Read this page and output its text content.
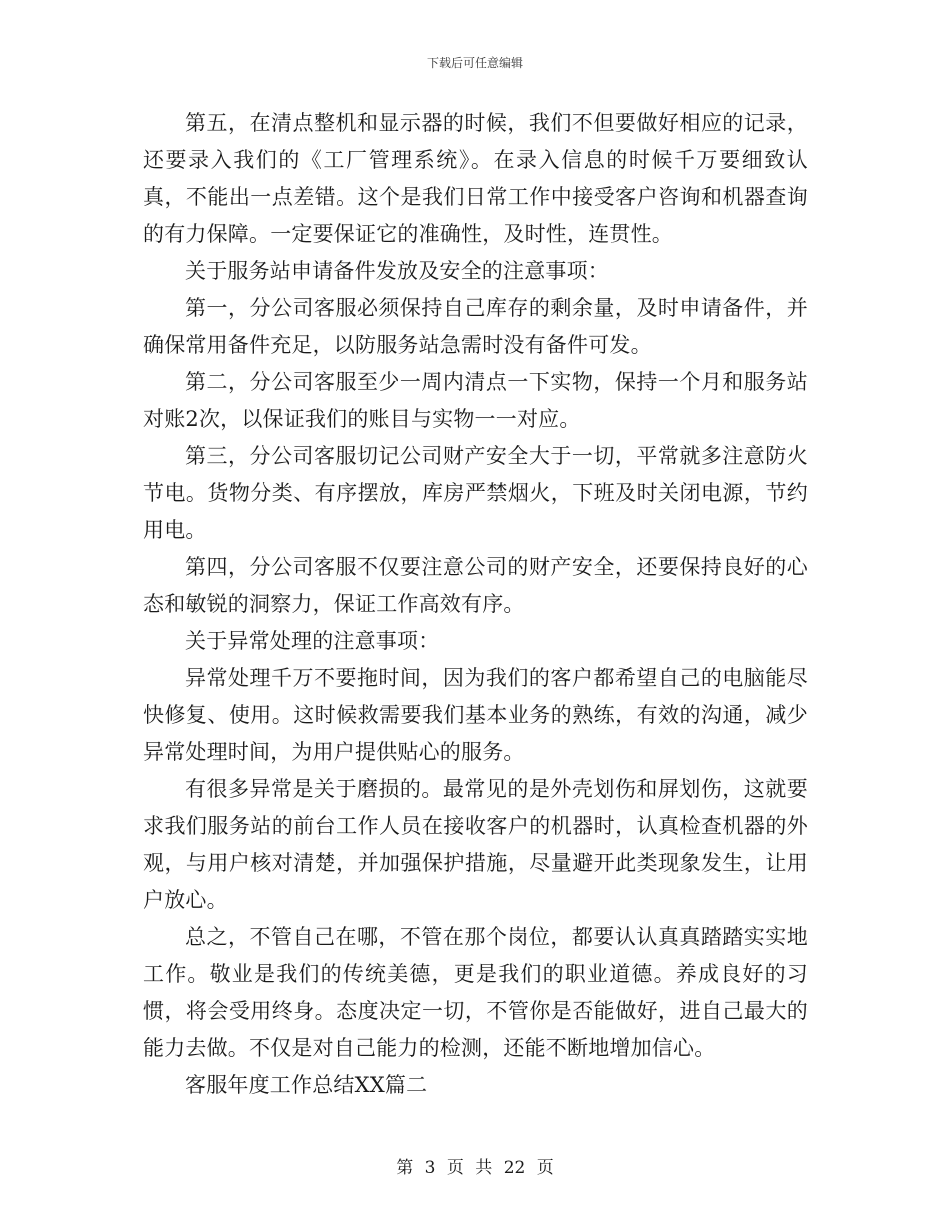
下载后可任意编辑

第五，在清点整机和显示器的时候，我们不但要做好相应的记录，还要录入我们的《工厂管理系统》。在录入信息的时候千万要细致认真，不能出一点差错。这个是我们日常工作中接受客户咨询和机器查询的有力保障。一定要保证它的准确性，及时性，连贯性。

关于服务站申请备件发放及安全的注意事项：

第一，分公司客服必须保持自己库存的剩余量，及时申请备件，并确保常用备件充足，以防服务站急需时没有备件可发。

第二，分公司客服至少一周内清点一下实物，保持一个月和服务站对账2次，以保证我们的账目与实物一一对应。

第三，分公司客服切记公司财产安全大于一切，平常就多注意防火节电。货物分类、有序摆放，库房严禁烟火，下班及时关闭电源，节约用电。

第四，分公司客服不仅要注意公司的财产安全，还要保持良好的心态和敏锐的洞察力，保证工作高效有序。

关于异常处理的注意事项：

异常处理千万不要拖时间，因为我们的客户都希望自己的电脑能尽快修复、使用。这时候救需要我们基本业务的熟练，有效的沟通，减少异常处理时间，为用户提供贴心的服务。

有很多异常是关于磨损的。最常见的是外壳划伤和屏划伤，这就要求我们服务站的前台工作人员在接收客户的机器时，认真检查机器的外观，与用户核对清楚，并加强保护措施，尽量避开此类现象发生，让用户放心。

总之，不管自己在哪，不管在那个岗位，都要认认真真踏踏实实地工作。敬业是我们的传统美德，更是我们的职业道德。养成良好的习惯，将会受用终身。态度决定一切，不管你是否能做好，进自己最大的能力去做。不仅是对自己能力的检测，还能不断地增加信心。

客服年度工作总结XX篇二

第 3 页 共 22 页
